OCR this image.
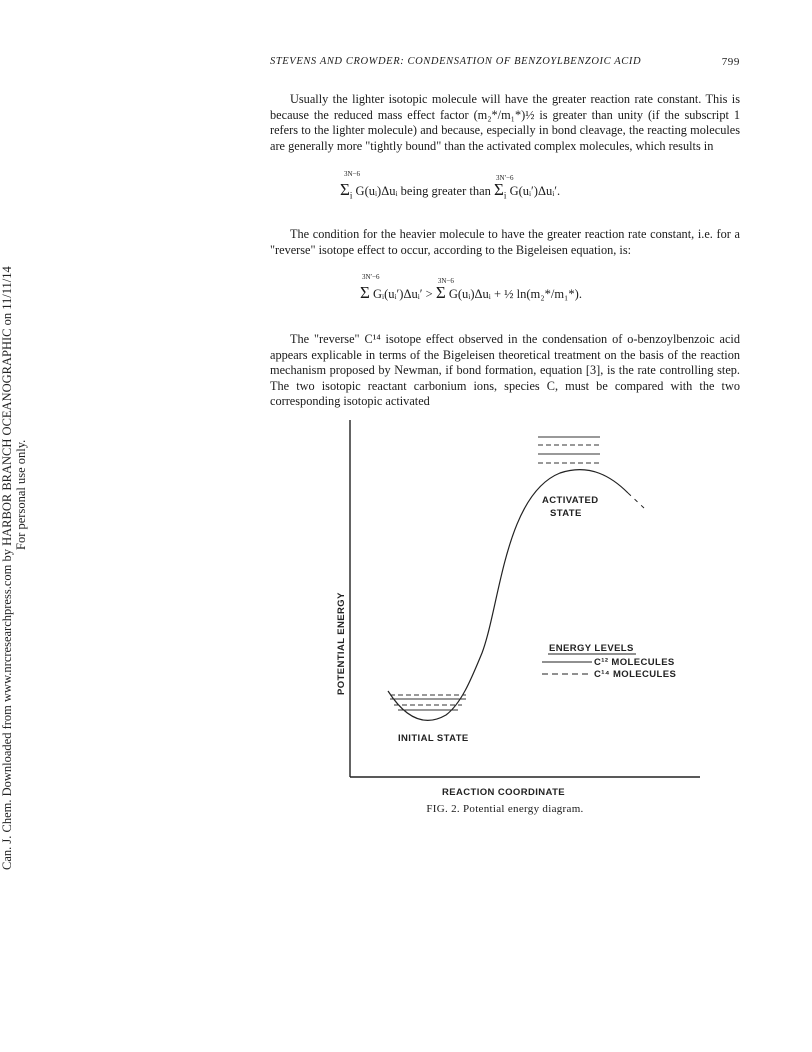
STEVENS AND CROWDER: CONDENSATION OF BENZOYLBENZOIC ACID	799
Can. J. Chem. Downloaded from www.nrcresearchpress.com by HARBOR BRANCH OCEANOGRAPHIC on 11/11/14 For personal use only.

Usually the lighter isotopic molecule will have the greater reaction rate constant. This is because the reduced mass effect factor (m₂*/m₁*)½ is greater than unity (if the subscript 1 refers to the lighter molecule) and because, especially in bond cleavage, the reacting molecules are generally more "tightly bound" than the activated complex molecules, which results in

3N−6
$\Sigma_i$ G(uᵢ)Δuᵢ being greater than
3N′−6
$\Sigma_i$ G(uᵢ′)Δuᵢ′.

The condition for the heavier molecule to have the greater reaction rate constant, i.e. for a "reverse" isotope effect to occur, according to the Bigeleisen equation, is:

3N′−6
Σ Gᵢ(uᵢ′)Δuᵢ′ >
3N−6
Σ G(uᵢ)Δuᵢ + ½ ln(m₂*/m₁*).

The "reverse" C¹⁴ isotope effect observed in the condensation of o-benzoylbenzoic acid appears explicable in terms of the Bigeleisen theoretical treatment on the basis of the reaction mechanism proposed by Newman, if bond formation, equation [3], is the rate controlling step. The two isotopic reactant carbonium ions, species C, must be compared with the two corresponding isotopic activated

ACTIVATED
STATE
INITIAL STATE
REACTION COORDINATE
POTENTIAL ENERGY	ENERGY LEVELS
C¹² MOLECULES
C¹⁴ MOLECULES
FIG. 2. Potential energy diagram.
